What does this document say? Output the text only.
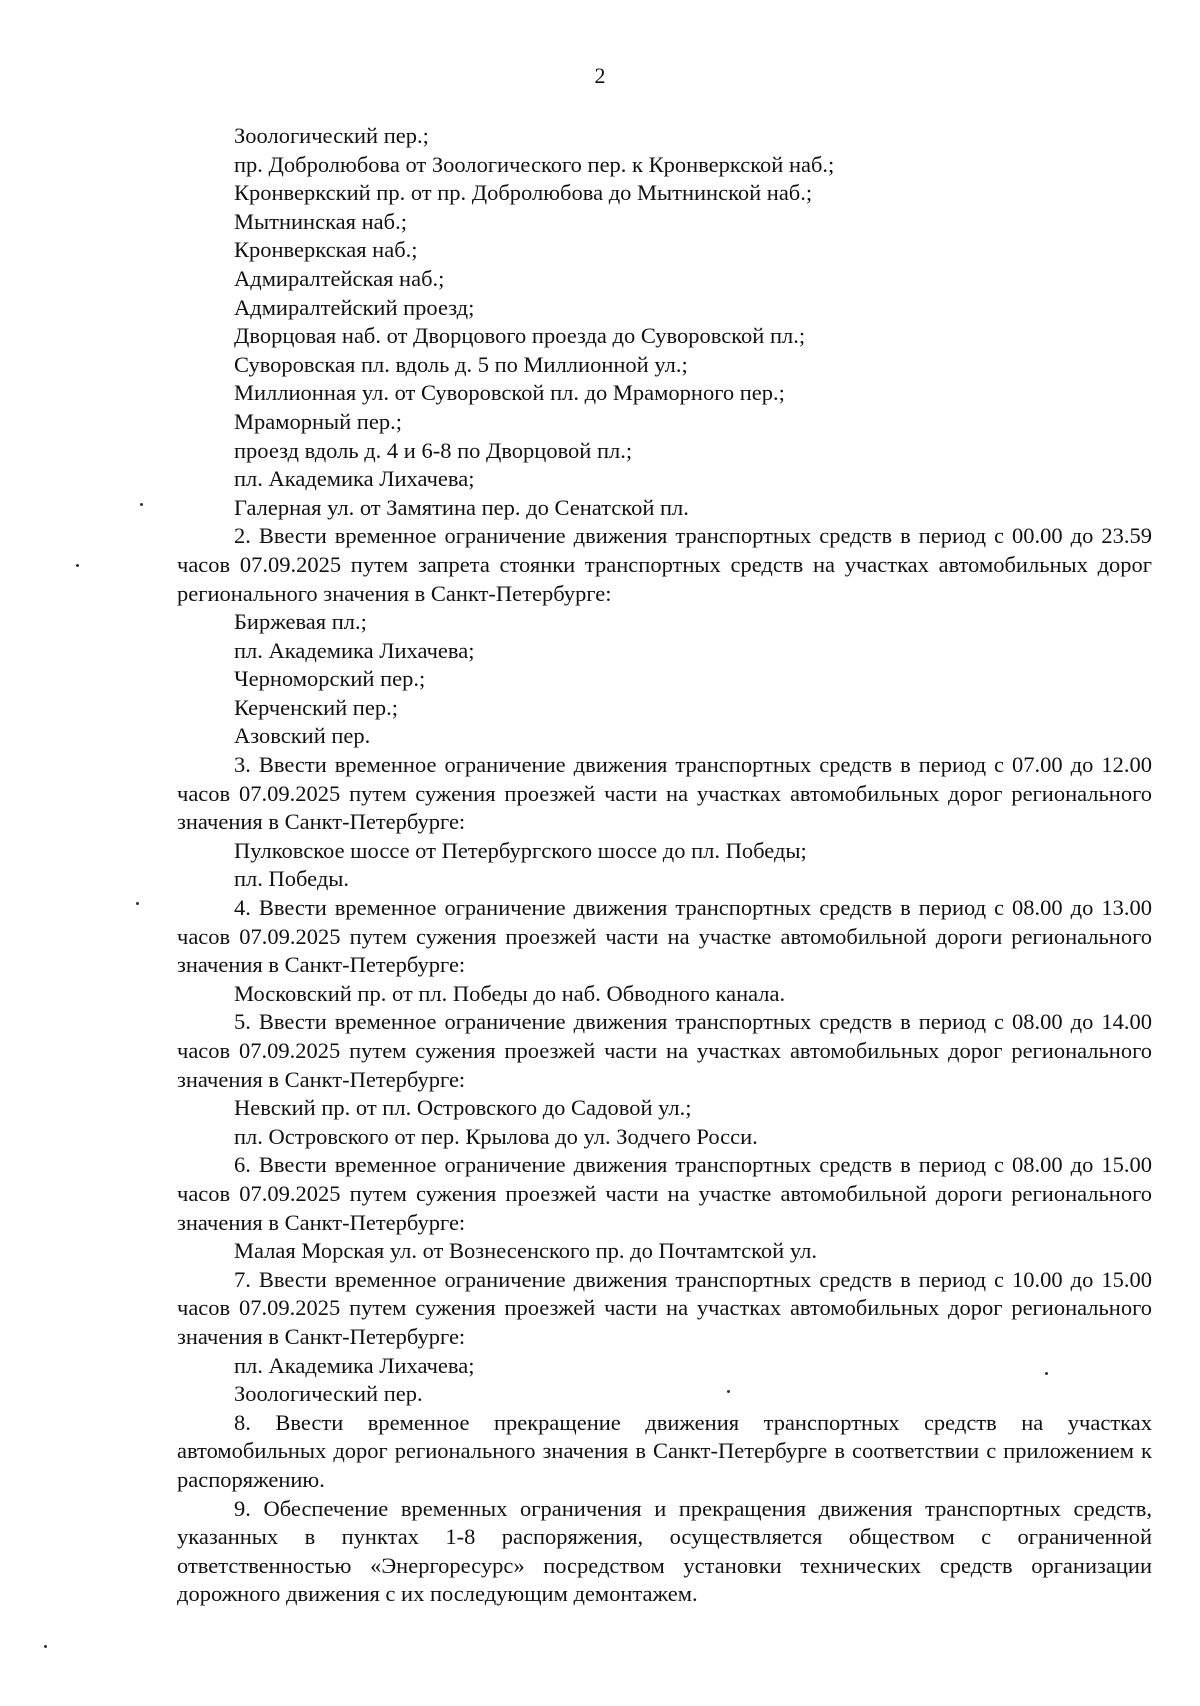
2
Зоологический пер.;
пр. Добролюбова от Зоологического пер. к Кронверкской наб.;
Кронверкский пр. от пр. Добролюбова до Мытнинской наб.;
Мытнинская наб.;
Кронверкская наб.;
Адмиралтейская наб.;
Адмиралтейский проезд;
Дворцовая наб. от Дворцового проезда до Суворовской пл.;
Суворовская пл. вдоль д. 5 по Миллионной ул.;
Миллионная ул. от Суворовской пл. до Мраморного пер.;
Мраморный пер.;
проезд вдоль д. 4 и 6-8 по Дворцовой пл.;
пл. Академика Лихачева;
Галерная ул. от Замятина пер. до Сенатской пл.

2. Ввести временное ограничение движения транспортных средств в период с 00.00 до 23.59 часов 07.09.2025 путем запрета стоянки транспортных средств на участках автомобильных дорог регионального значения в Санкт-Петербурге:

Биржевая пл.;
пл. Академика Лихачева;
Черноморский пер.;
Керченский пер.;
Азовский пер.

3. Ввести временное ограничение движения транспортных средств в период с 07.00 до 12.00 часов 07.09.2025 путем сужения проезжей части на участках автомобильных дорог регионального значения в Санкт-Петербурге:

Пулковское шоссе от Петербургского шоссе до пл. Победы;
пл. Победы.

4. Ввести временное ограничение движения транспортных средств в период с 08.00 до 13.00 часов 07.09.2025 путем сужения проезжей части на участке автомобильной дороги регионального значения в Санкт-Петербурге:

Московский пр. от пл. Победы до наб. Обводного канала.

5. Ввести временное ограничение движения транспортных средств в период с 08.00 до 14.00 часов 07.09.2025 путем сужения проезжей части на участках автомобильных дорог регионального значения в Санкт-Петербурге:

Невский пр. от пл. Островского до Садовой ул.;
пл. Островского от пер. Крылова до ул. Зодчего Росси.

6. Ввести временное ограничение движения транспортных средств в период с 08.00 до 15.00 часов 07.09.2025 путем сужения проезжей части на участке автомобильной дороги регионального значения в Санкт-Петербурге:

Малая Морская ул. от Вознесенского пр. до Почтамтской ул.

7. Ввести временное ограничение движения транспортных средств в период с 10.00 до 15.00 часов 07.09.2025 путем сужения проезжей части на участках автомобильных дорог регионального значения в Санкт-Петербурге:

пл. Академика Лихачева;
Зоологический пер.

8. Ввести временное прекращение движения транспортных средств на участках автомобильных дорог регионального значения в Санкт-Петербурге в соответствии с приложением к распоряжению.

9. Обеспечение временных ограничения и прекращения движения транспортных средств, указанных в пунктах 1-8 распоряжения, осуществляется обществом с ограниченной ответственностью «Энергоресурс» посредством установки технических средств организации дорожного движения с их последующим демонтажем.
